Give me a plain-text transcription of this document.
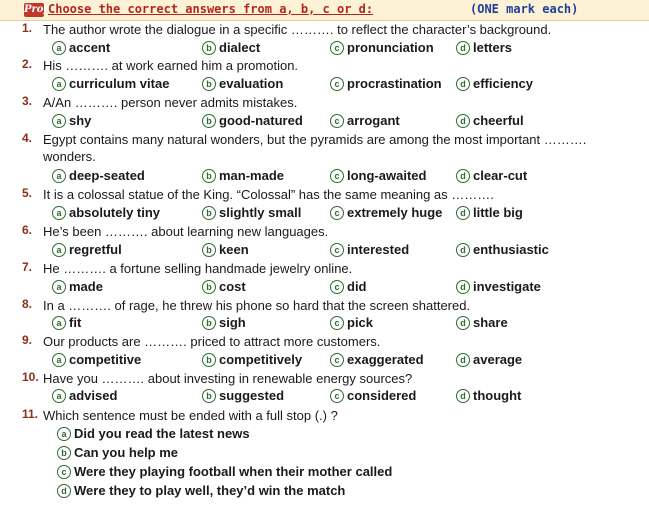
Prof Choose the correct answers from a, b, c or d:	(ONE mark each)
1. The author wrote the dialogue in a specific ………. to reflect the character’s background.
a accent	b dialect	c pronunciation	d letters
2. His ………. at work earned him a promotion.
a curriculum vitae	b evaluation	c procrastination	d efficiency
3. A/An ………. person never admits mistakes.
a shy	b good-natured	c arrogant	d cheerful
4. Egypt contains many natural wonders, but the pyramids are among the most important ………. wonders.
a deep-seated	b man-made	c long-awaited	d clear-cut
5. It is a colossal statue of the King. “Colossal” has the same meaning as ……….
a absolutely tiny	b slightly small	c extremely huge	d little big
6. He’s been ………. about learning new languages.
a regretful	b keen	c interested	d enthusiastic
7. He ………. a fortune selling handmade jewelry online.
a made	b cost	c did	d investigate
8. In a ………. of rage, he threw his phone so hard that the screen shattered.
a fit	b sigh	c pick	d share
9. Our products are ………. priced to attract more customers.
a competitive	b competitively	c exaggerated	d average
10. Have you ………. about investing in renewable energy sources?
a advised	b suggested	c considered	d thought
11. Which sentence must be ended with a full stop (.) ?
a Did you read the latest news
b Can you help me
c Were they playing football when their mother called
d Were they to play well, they’d win the match
